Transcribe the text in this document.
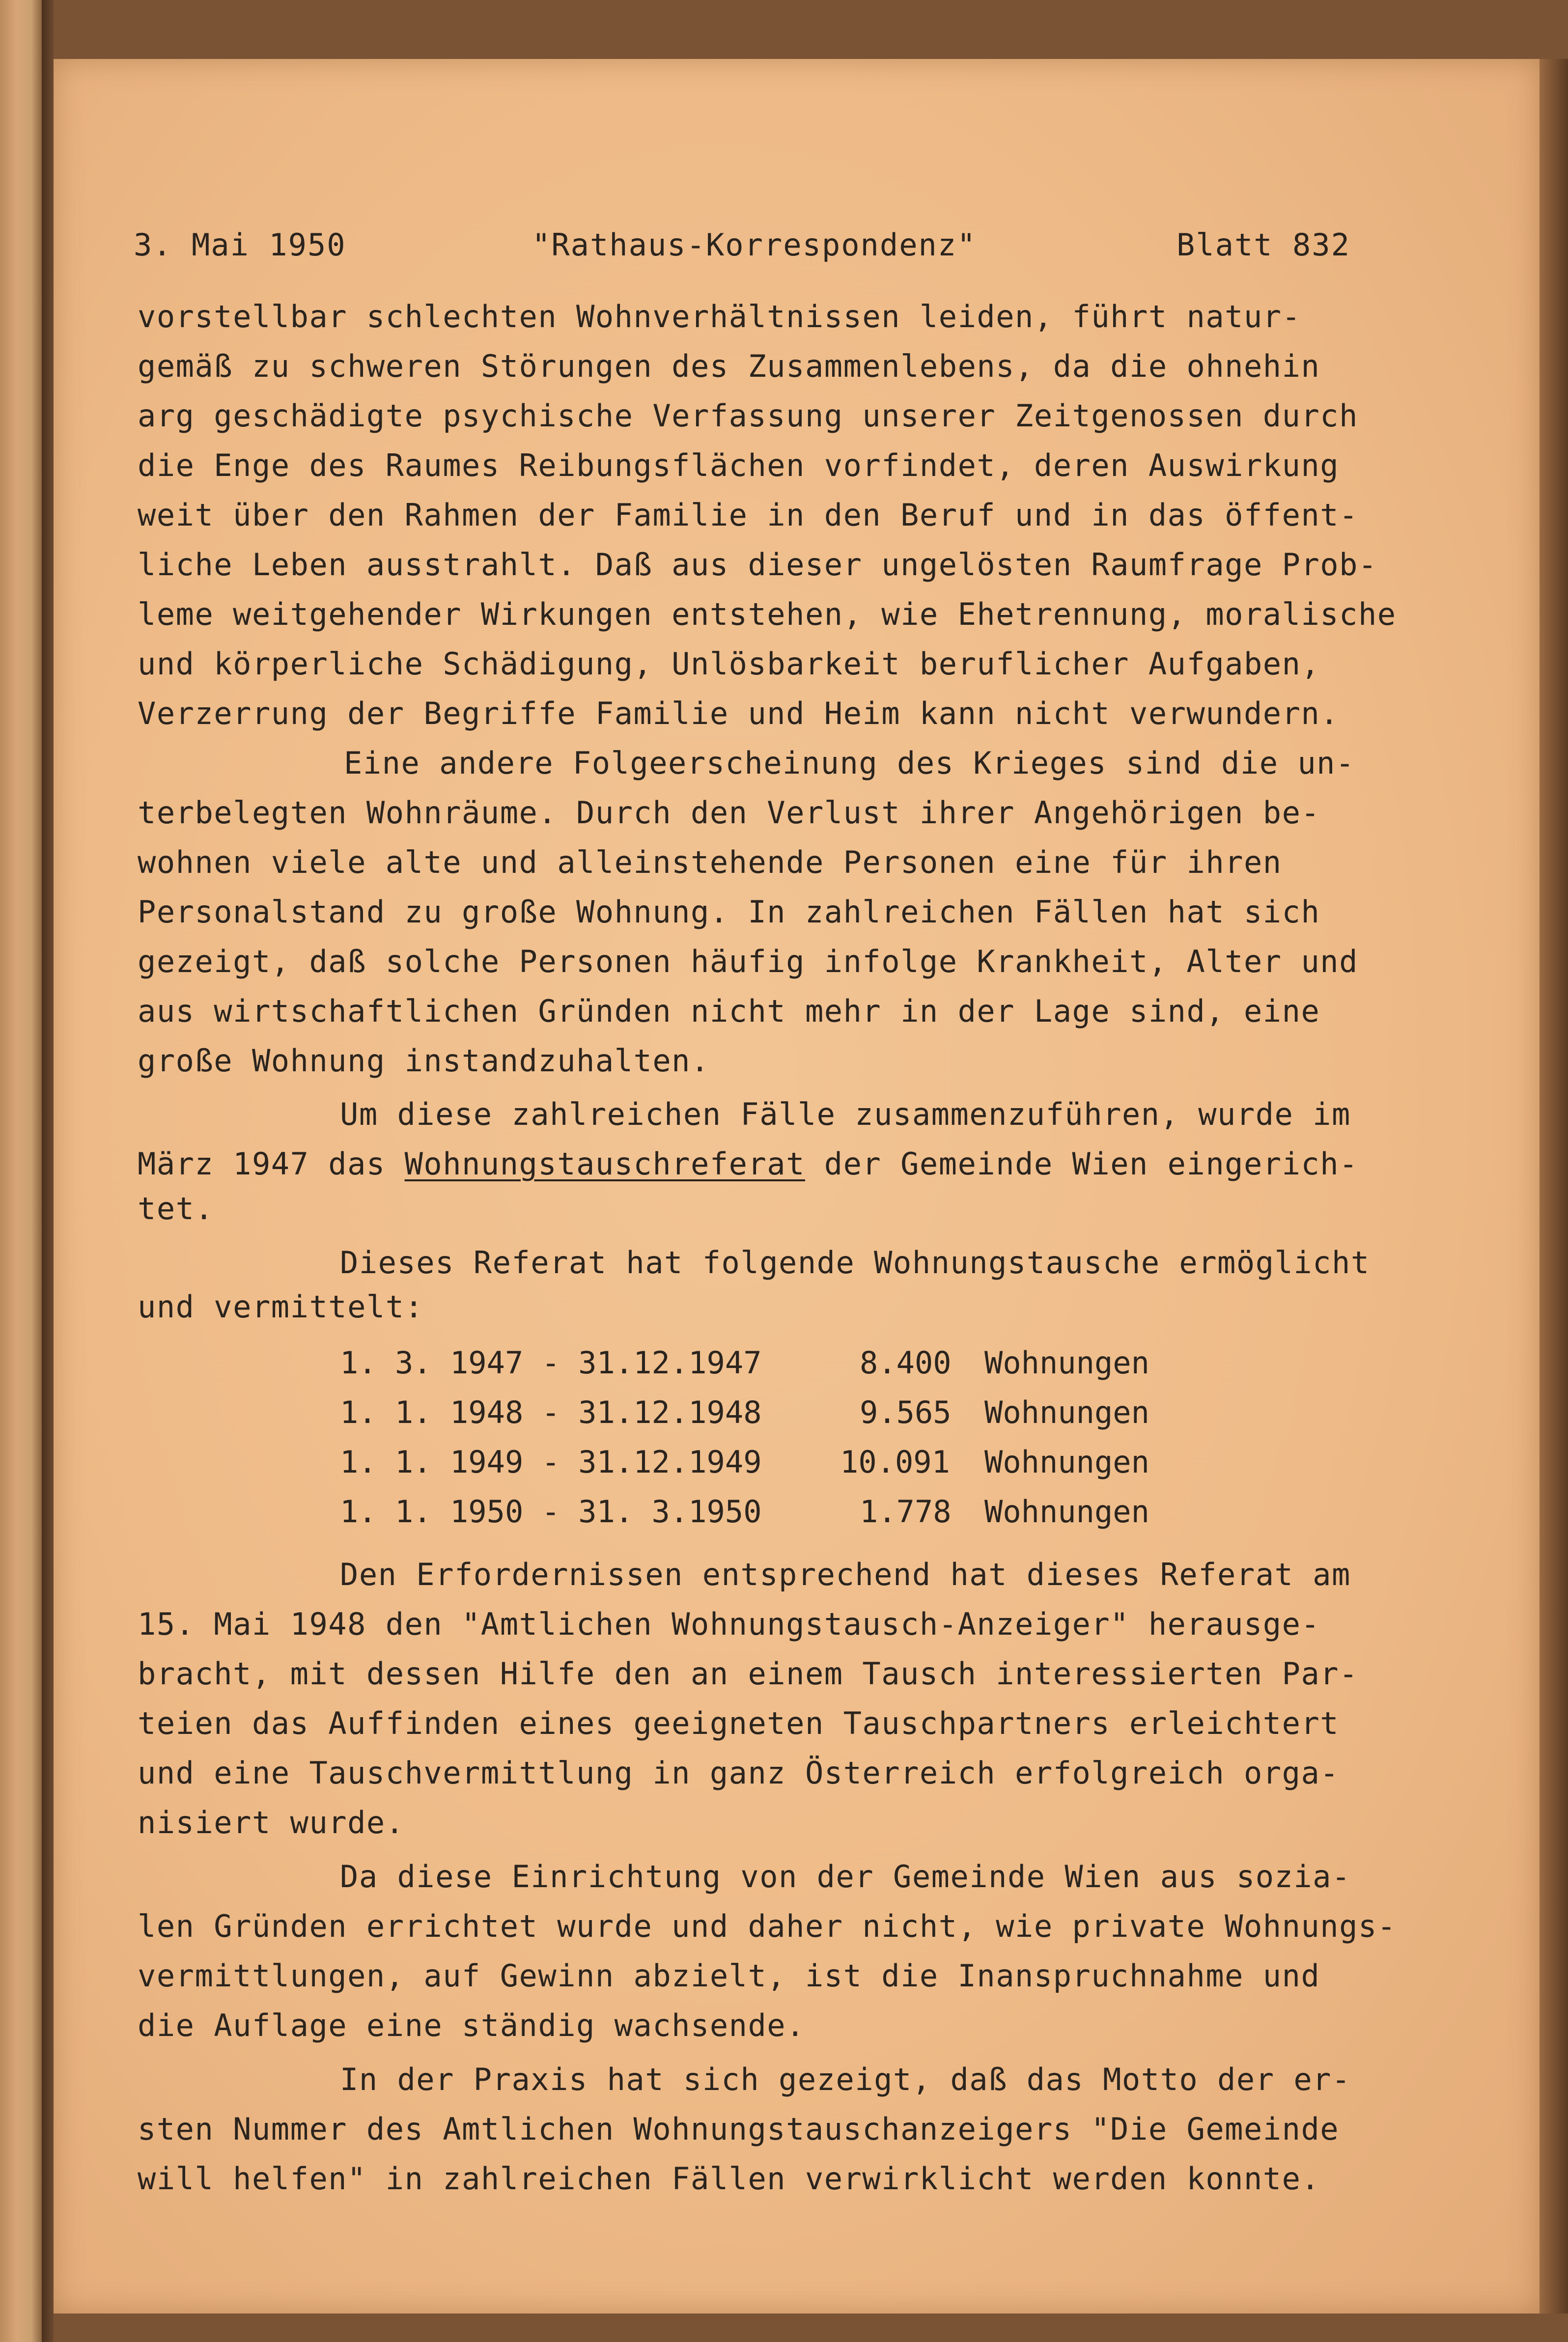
3. Mai 1950	"Rathaus-Korrespondenz"	Blatt 832
vorstellbar schlechten Wohnverhältnissen leiden, führt natur-
gemäß zu schweren Störungen des Zusammenlebens, da die ohnehin
arg geschädigte psychische Verfassung unserer Zeitgenossen durch
die Enge des Raumes Reibungsflächen vorfindet, deren Auswirkung
weit über den Rahmen der Familie in den Beruf und in das öffent-
liche Leben ausstrahlt. Daß aus dieser ungelösten Raumfrage Prob-
leme weitgehender Wirkungen entstehen, wie Ehetrennung, moralische
und körperliche Schädigung, Unlösbarkeit beruflicher Aufgaben,
Verzerrung der Begriffe Familie und Heim kann nicht verwundern.
Eine andere Folgeerscheinung des Krieges sind die un-
terbelegten Wohnräume. Durch den Verlust ihrer Angehörigen be-
wohnen viele alte und alleinstehende Personen eine für ihren
Personalstand zu große Wohnung. In zahlreichen Fällen hat sich
gezeigt, daß solche Personen häufig infolge Krankheit, Alter und
aus wirtschaftlichen Gründen nicht mehr in der Lage sind, eine
große Wohnung instandzuhalten.
Um diese zahlreichen Fälle zusammenzuführen, wurde im
März 1947 das Wohnungstauschreferat der Gemeinde Wien eingerich-
tet.
Dieses Referat hat folgende Wohnungstausche ermöglicht
und vermittelt:
1. 3. 1947 - 31.12.1947	8.400 Wohnungen
1. 1. 1948 - 31.12.1948	9.565 Wohnungen
1. 1. 1949 - 31.12.1949	10.091 Wohnungen
1. 1. 1950 - 31. 3.1950	1.778 Wohnungen
Den Erfordernissen entsprechend hat dieses Referat am
15. Mai 1948 den "Amtlichen Wohnungstausch-Anzeiger" herausge-
bracht, mit dessen Hilfe den an einem Tausch interessierten Par-
teien das Auffinden eines geeigneten Tauschpartners erleichtert
und eine Tauschvermittlung in ganz Österreich erfolgreich orga-
nisiert wurde.
Da diese Einrichtung von der Gemeinde Wien aus sozia-
len Gründen errichtet wurde und daher nicht, wie private Wohnungs-
vermittlungen, auf Gewinn abzielt, ist die Inanspruchnahme und
die Auflage eine ständig wachsende.
In der Praxis hat sich gezeigt, daß das Motto der er-
sten Nummer des Amtlichen Wohnungstauschanzeigers "Die Gemeinde
will helfen" in zahlreichen Fällen verwirklicht werden konnte.
